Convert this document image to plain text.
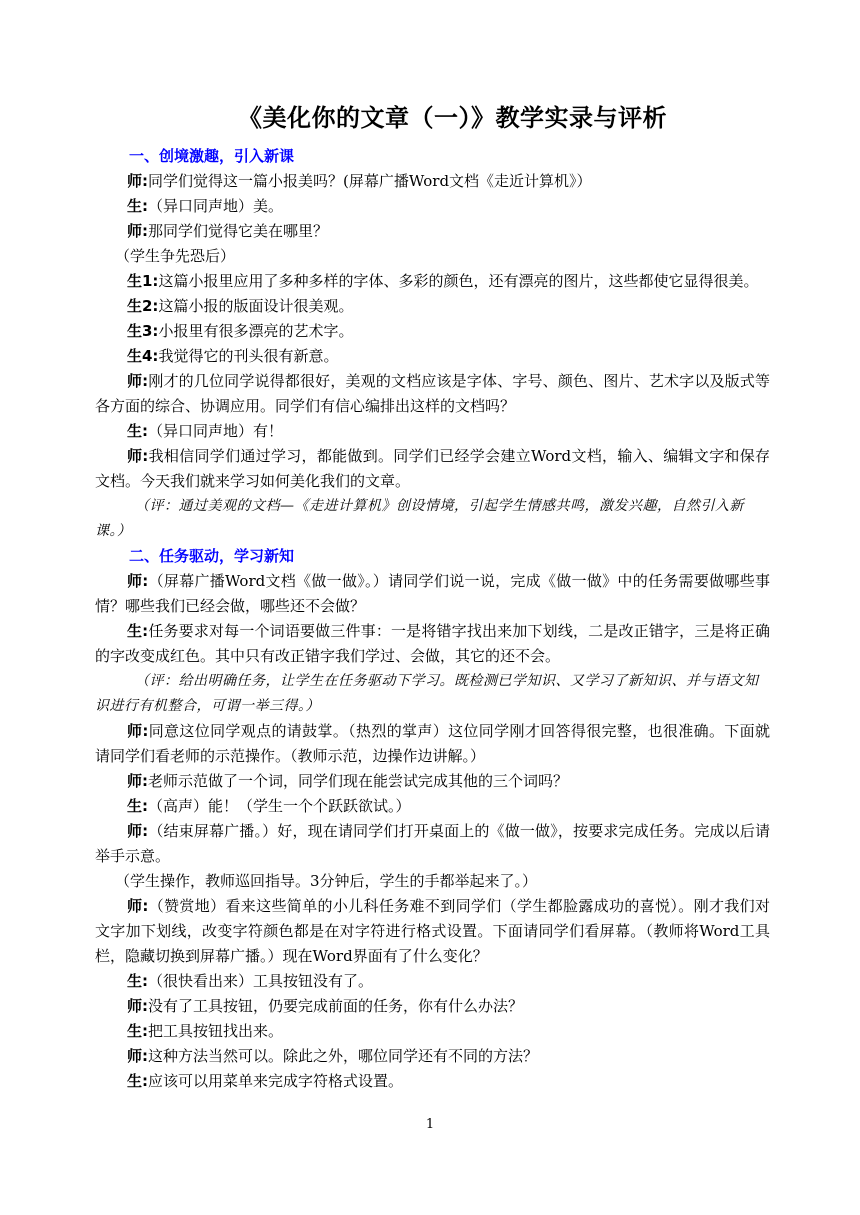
《美化你的文章（一）》教学实录与评析

一、创境激趣，引入新课

师:同学们觉得这一篇小报美吗？(屏幕广播Word文档《走近计算机》）

生:（异口同声地）美。

师:那同学们觉得它美在哪里？

（学生争先恐后）

生1:这篇小报里应用了多种多样的字体、多彩的颜色，还有漂亮的图片，这些都使它显得很美。

生2:这篇小报的版面设计很美观。

生3:小报里有很多漂亮的艺术字。

生4:我觉得它的刊头很有新意。

师:刚才的几位同学说得都很好，美观的文档应该是字体、字号、颜色、图片、艺术字以及版式等各方面的综合、协调应用。同学们有信心编排出这样的文档吗？

生:（异口同声地）有！

师:我相信同学们通过学习，都能做到。同学们已经学会建立Word文档，输入、编辑文字和保存文档。今天我们就来学习如何美化我们的文章。

（评：通过美观的文档—《走进计算机》创设情境，引起学生情感共鸣，激发兴趣，自然引入新课。）

二、任务驱动，学习新知

师:（屏幕广播Word文档《做一做》。）请同学们说一说，完成《做一做》中的任务需要做哪些事情？哪些我们已经会做，哪些还不会做？

生:任务要求对每一个词语要做三件事：一是将错字找出来加下划线，二是改正错字，三是将正确的字改变成红色。其中只有改正错字我们学过、会做，其它的还不会。

（评：给出明确任务，让学生在任务驱动下学习。既检测已学知识、又学习了新知识、并与语文知识进行有机整合，可谓一举三得。）

师:同意这位同学观点的请鼓掌。（热烈的掌声）这位同学刚才回答得很完整，也很准确。下面就请同学们看老师的示范操作。（教师示范，边操作边讲解。）

师:老师示范做了一个词，同学们现在能尝试完成其他的三个词吗？

生:（高声）能！（学生一个个跃跃欲试。）

师:（结束屏幕广播。）好，现在请同学们打开桌面上的《做一做》，按要求完成任务。完成以后请举手示意。

（学生操作，教师巡回指导。3分钟后，学生的手都举起来了。）

师:（赞赏地）看来这些简单的小儿科任务难不到同学们（学生都脸露成功的喜悦）。刚才我们对文字加下划线，改变字符颜色都是在对字符进行格式设置。下面请同学们看屏幕。（教师将Word工具栏，隐藏切换到屏幕广播。）现在Word界面有了什么变化？

生:（很快看出来）工具按钮没有了。

师:没有了工具按钮，仍要完成前面的任务，你有什么办法？

生:把工具按钮找出来。

师:这种方法当然可以。除此之外，哪位同学还有不同的方法？

生:应该可以用菜单来完成字符格式设置。

1
